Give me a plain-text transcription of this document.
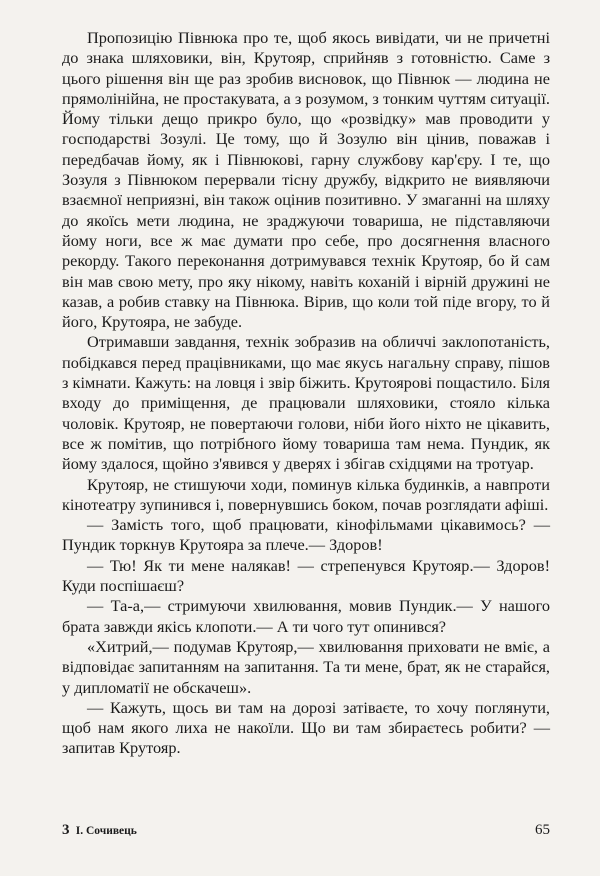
Пропозицію Півнюка про те, щоб якось вивідати, чи не причетні до знака шляховики, він, Крутояр, сприйняв з готовністю. Саме з цього рішення він ще раз зробив висновок, що Півнюк — людина не прямолінійна, не простакувата, а з розумом, з тонким чуттям ситуації. Йому тільки дещо прикро було, що «розвідку» мав проводити у господарстві Зозулі. Це тому, що й Зозулю він цінив, поважав і передбачав йому, як і Півнюкові, гарну службову кар'єру. І те, що Зозуля з Півнюком перервали тісну дружбу, відкрито не виявляючи взаємної неприязні, він також оцінив позитивно. У змаганні на шляху до якоїсь мети людина, не зраджуючи товариша, не підставляючи йому ноги, все ж має думати про себе, про досягнення власного рекорду. Такого переконання дотримувався технік Крутояр, бо й сам він мав свою мету, про яку нікому, навіть коханій і вірній дружині не казав, а робив ставку на Півнюка. Вірив, що коли той піде вгору, то й його, Крутояра, не забуде.

Отримавши завдання, технік зобразив на обличчі заклопотаність, побідкався перед працівниками, що має якусь нагальну справу, пішов з кімнати. Кажуть: на ловця і звір біжить. Крутоярові пощастило. Біля входу до приміщення, де працювали шляховики, стояло кілька чоловік. Крутояр, не повертаючи голови, ніби його ніхто не цікавить, все ж помітив, що потрібного йому товариша там нема. Пундик, як йому здалося, щойно з'явився у дверях і збігав східцями на тротуар.

Крутояр, не стишуючи ходи, поминув кілька будинків, а навпроти кінотеатру зупинився і, повернувшись боком, почав розглядати афіші.

— Замість того, щоб працювати, кінофільмами цікавимось? — Пундик торкнув Крутояра за плече.— Здоров!

— Тю! Як ти мене налякав! — стрепенувся Крутояр.— Здоров! Куди поспішаєш?

— Та-а,— стримуючи хвилювання, мовив Пундик.— У нашого брата завжди якісь клопоти.— А ти чого тут опинився?

«Хитрий,— подумав Крутояр,— хвилювання приховати не вміє, а відповідає запитанням на запитання. Та ти мене, брат, як не старайся, у дипломатії не обскачеш».

— Кажуть, щось ви там на дорозі затіваєте, то хочу поглянути, щоб нам якого лиха не накоїли. Що ви там збираєтесь робити? — запитав Крутояр.

3 І. Сочивець	65
